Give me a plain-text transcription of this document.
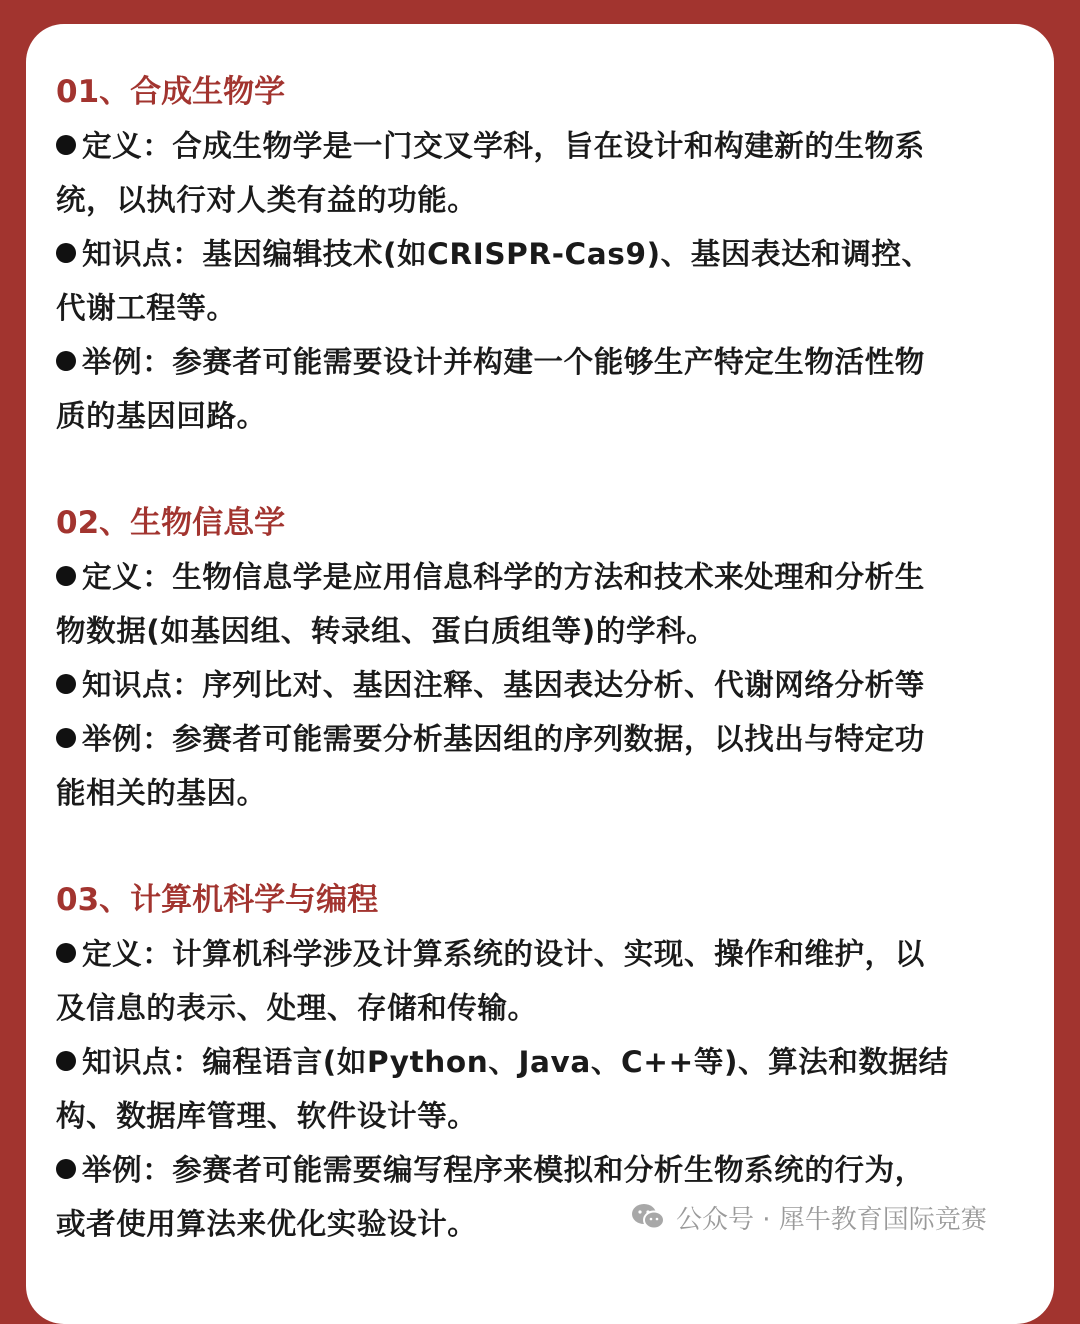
01、合成生物学

定义：合成生物学是一门交叉学科，旨在设计和构建新的生物系

统，以执行对人类有益的功能。

知识点：基因编辑技术(如CRISPR-Cas9)、基因表达和调控、

代谢工程等。

举例：参赛者可能需要设计并构建一个能够生产特定生物活性物

质的基因回路。

02、生物信息学

定义：生物信息学是应用信息科学的方法和技术来处理和分析生

物数据(如基因组、转录组、蛋白质组等)的学科。

知识点：序列比对、基因注释、基因表达分析、代谢网络分析等

举例：参赛者可能需要分析基因组的序列数据，以找出与特定功

能相关的基因。

03、计算机科学与编程

定义：计算机科学涉及计算系统的设计、实现、操作和维护，以

及信息的表示、处理、存储和传输。

知识点：编程语言(如Python、Java、C++等)、算法和数据结

构、数据库管理、软件设计等。

举例：参赛者可能需要编写程序来模拟和分析生物系统的行为，

或者使用算法来优化实验设计。	公众号 · 犀牛教育国际竞赛
